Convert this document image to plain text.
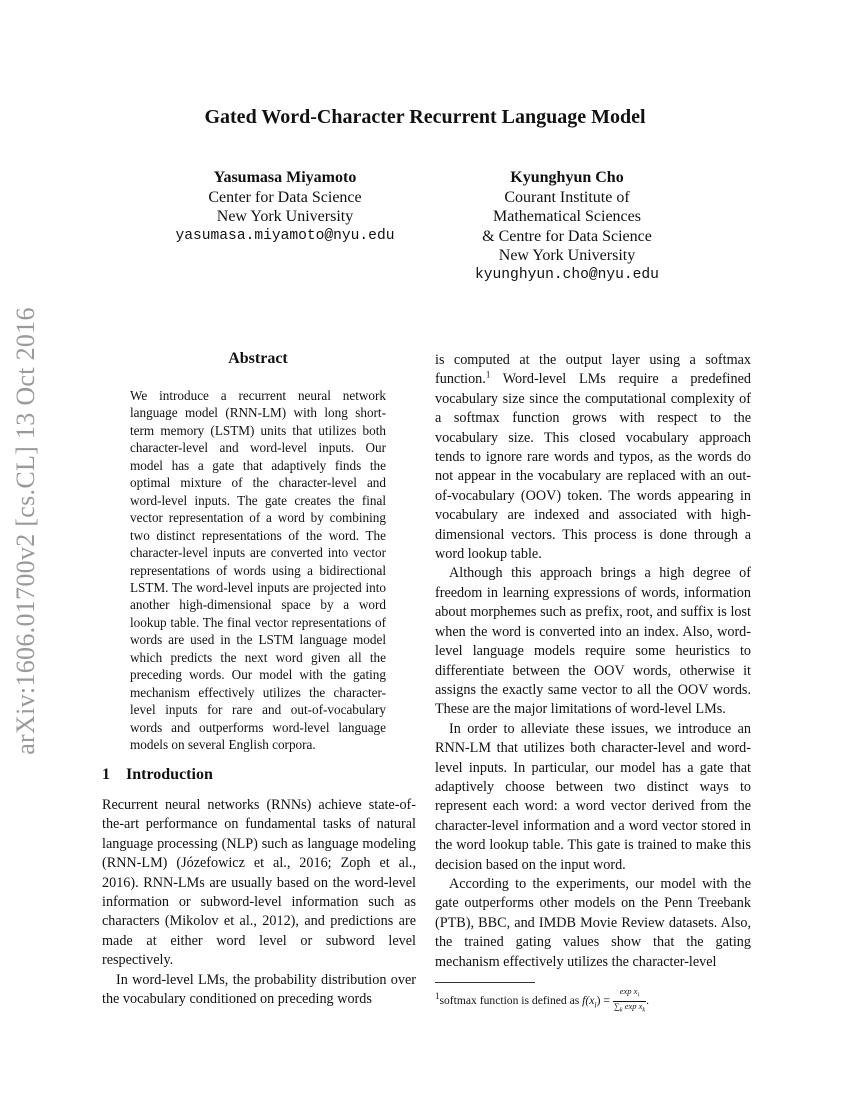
arXiv:1606.01700v2 [cs.CL] 13 Oct 2016
Gated Word-Character Recurrent Language Model
Yasumasa Miyamoto
Center for Data Science
New York University
yasumasa.miyamoto@nyu.edu
Kyunghyun Cho
Courant Institute of
Mathematical Sciences
& Centre for Data Science
New York University
kyunghyun.cho@nyu.edu
Abstract
We introduce a recurrent neural network language model (RNN-LM) with long short-term memory (LSTM) units that utilizes both character-level and word-level inputs. Our model has a gate that adaptively finds the optimal mixture of the character-level and word-level inputs. The gate creates the final vector representation of a word by combining two distinct representations of the word. The character-level inputs are converted into vector representations of words using a bidirectional LSTM. The word-level inputs are projected into another high-dimensional space by a word lookup table. The final vector representations of words are used in the LSTM language model which predicts the next word given all the preceding words. Our model with the gating mechanism effectively utilizes the character-level inputs for rare and out-of-vocabulary words and outperforms word-level language models on several English corpora.
1 Introduction

Recurrent neural networks (RNNs) achieve state-of-the-art performance on fundamental tasks of natural language processing (NLP) such as language modeling (RNN-LM) (Józefowicz et al., 2016; Zoph et al., 2016). RNN-LMs are usually based on the word-level information or subword-level information such as characters (Mikolov et al., 2012), and predictions are made at either word level or subword level respectively.

In word-level LMs, the probability distribution over the vocabulary conditioned on preceding words

is computed at the output layer using a softmax function.$^1$ Word-level LMs require a predefined vocabulary size since the computational complexity of a softmax function grows with respect to the vocabulary size. This closed vocabulary approach tends to ignore rare words and typos, as the words do not appear in the vocabulary are replaced with an out-of-vocabulary (OOV) token. The words appearing in vocabulary are indexed and associated with high-dimensional vectors. This process is done through a word lookup table.

Although this approach brings a high degree of freedom in learning expressions of words, information about morphemes such as prefix, root, and suffix is lost when the word is converted into an index. Also, word-level language models require some heuristics to differentiate between the OOV words, otherwise it assigns the exactly same vector to all the OOV words. These are the major limitations of word-level LMs.

In order to alleviate these issues, we introduce an RNN-LM that utilizes both character-level and word-level inputs. In particular, our model has a gate that adaptively choose between two distinct ways to represent each word: a word vector derived from the character-level information and a word vector stored in the word lookup table. This gate is trained to make this decision based on the input word.

According to the experiments, our model with the gate outperforms other models on the Penn Treebank (PTB), BBC, and IMDB Movie Review datasets. Also, the trained gating values show that the gating mechanism effectively utilizes the character-level

$^1$softmax function is defined as $f(x_i) = \frac{\exp x_i}{\sum_k \exp x_k}$ .
